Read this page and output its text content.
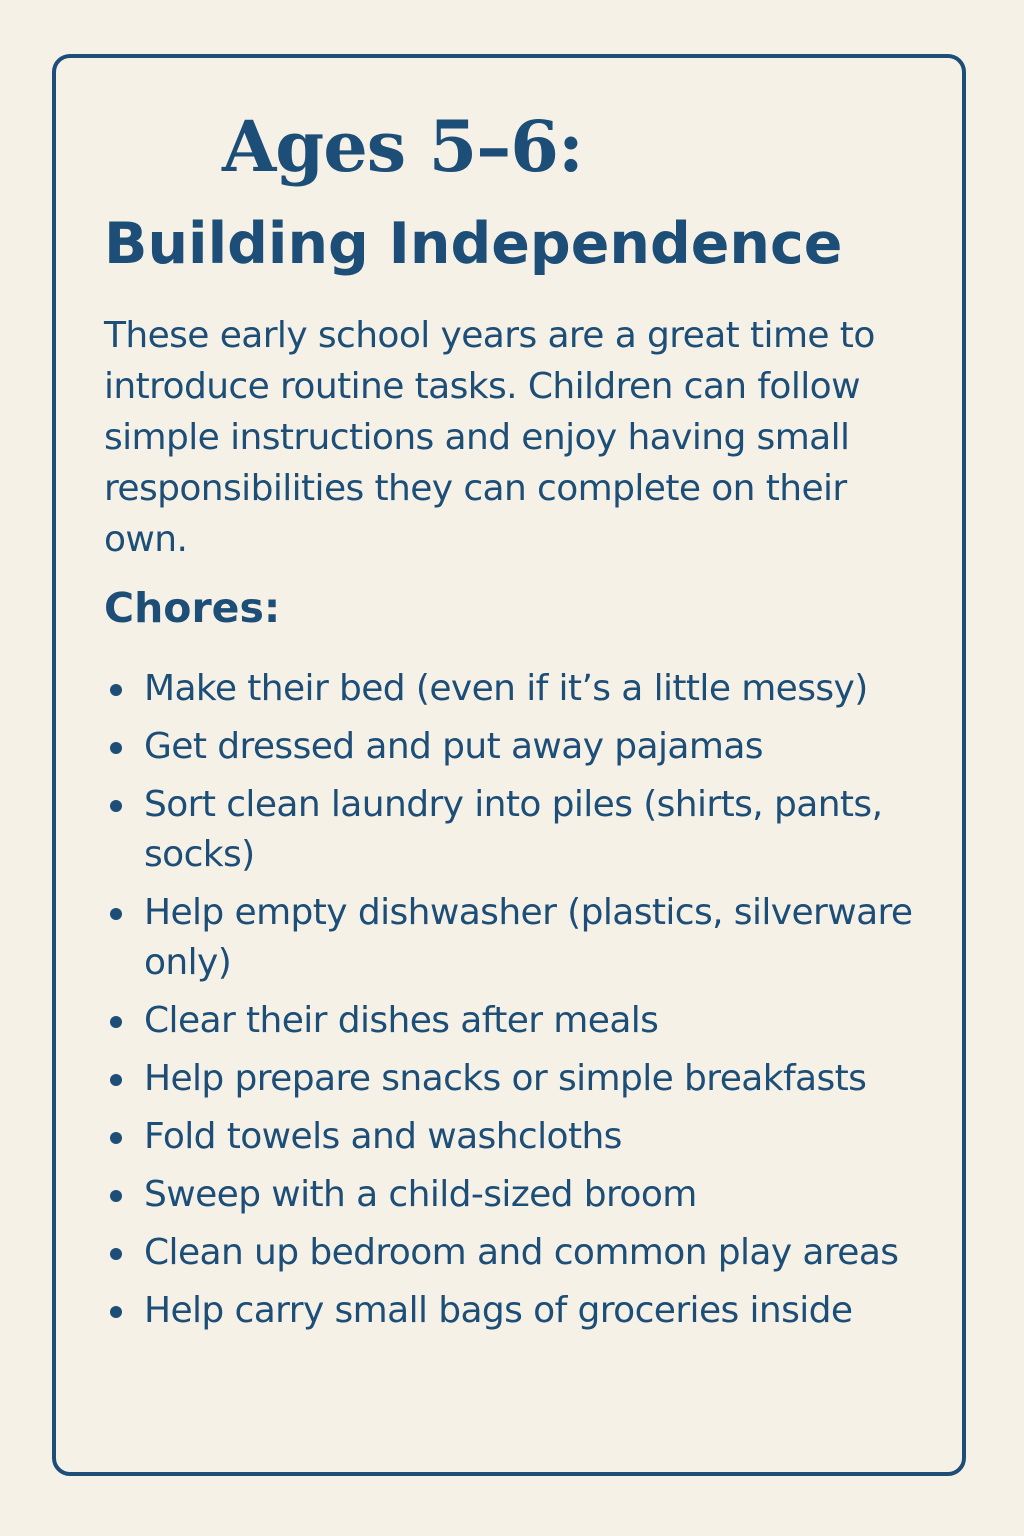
Ages 5–6:
Building Independence

These early school years are a great time to introduce routine tasks. Children can follow simple instructions and enjoy having small responsibilities they can complete on their own.

Chores:
Make their bed (even if it’s a little messy)
Get dressed and put away pajamas
Sort clean laundry into piles (shirts, pants, socks)
Help empty dishwasher (plastics, silverware only)
Clear their dishes after meals
Help prepare snacks or simple breakfasts
Fold towels and washcloths
Sweep with a child-sized broom
Clean up bedroom and common play areas
Help carry small bags of groceries inside
